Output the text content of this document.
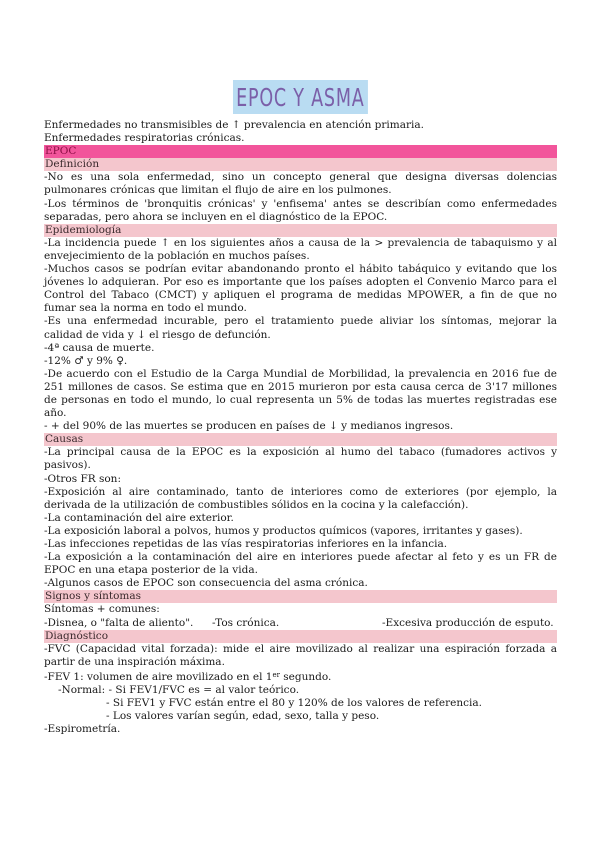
EPOC Y ASMA

Enfermedades no transmisibles de ↑ prevalencia en atención primaria.

Enfermedades respiratorias crónicas.

EPOC

Definición

-No es una sola enfermedad, sino un concepto general que designa diversas dolencias pulmonares crónicas que limitan el flujo de aire en los pulmones.

-Los términos de 'bronquitis crónicas' y 'enfisema' antes se describían como enfermedades separadas, pero ahora se incluyen en el diagnóstico de la EPOC.

Epidemiología

-La incidencia puede ↑ en los siguientes años a causa de la > prevalencia de tabaquismo y al envejecimiento de la población en muchos países.

-Muchos casos se podrían evitar abandonando pronto el hábito tabáquico y evitando que los jóvenes lo adquieran. Por eso es importante que los países adopten el Convenio Marco para el Control del Tabaco (CMCT) y apliquen el programa de medidas MPOWER, a fin de que no fumar sea la norma en todo el mundo.

-Es una enfermedad incurable, pero el tratamiento puede aliviar los síntomas, mejorar la calidad de vida y ↓ el riesgo de defunción.

-4ª causa de muerte.

-12% ♂ y 9% ♀.

-De acuerdo con el Estudio de la Carga Mundial de Morbilidad, la prevalencia en 2016 fue de 251 millones de casos. Se estima que en 2015 murieron por esta causa cerca de 3'17 millones de personas en todo el mundo, lo cual representa un 5% de todas las muertes registradas ese año.

- + del 90% de las muertes se producen en países de ↓ y medianos ingresos.

Causas

-La principal causa de la EPOC es la exposición al humo del tabaco (fumadores activos y pasivos).

-Otros FR son:

-Exposición al aire contaminado, tanto de interiores como de exteriores (por ejemplo, la derivada de la utilización de combustibles sólidos en la cocina y la calefacción).

-La contaminación del aire exterior.

-La exposición laboral a polvos, humos y productos químicos (vapores, irritantes y gases).

-Las infecciones repetidas de las vías respiratorias inferiores en la infancia.

-La exposición a la contaminación del aire en interiores puede afectar al feto y es un FR de EPOC en una etapa posterior de la vida.

-Algunos casos de EPOC son consecuencia del asma crónica.

Signos y síntomas

Síntomas + comunes:

-Disnea, o "falta de aliento".	-Tos crónica.	-Excesiva producción de esputo.

Diagnóstico

-FVC (Capacidad vital forzada): mide el aire movilizado al realizar una espiración forzada a partir de una inspiración máxima.

-FEV 1: volumen de aire movilizado en el 1er segundo.

-Normal: - Si FEV1/FVC es = al valor teórico.

- Si FEV1 y FVC están entre el 80 y 120% de los valores de referencia.

- Los valores varían según, edad, sexo, talla y peso.

-Espirometría.
